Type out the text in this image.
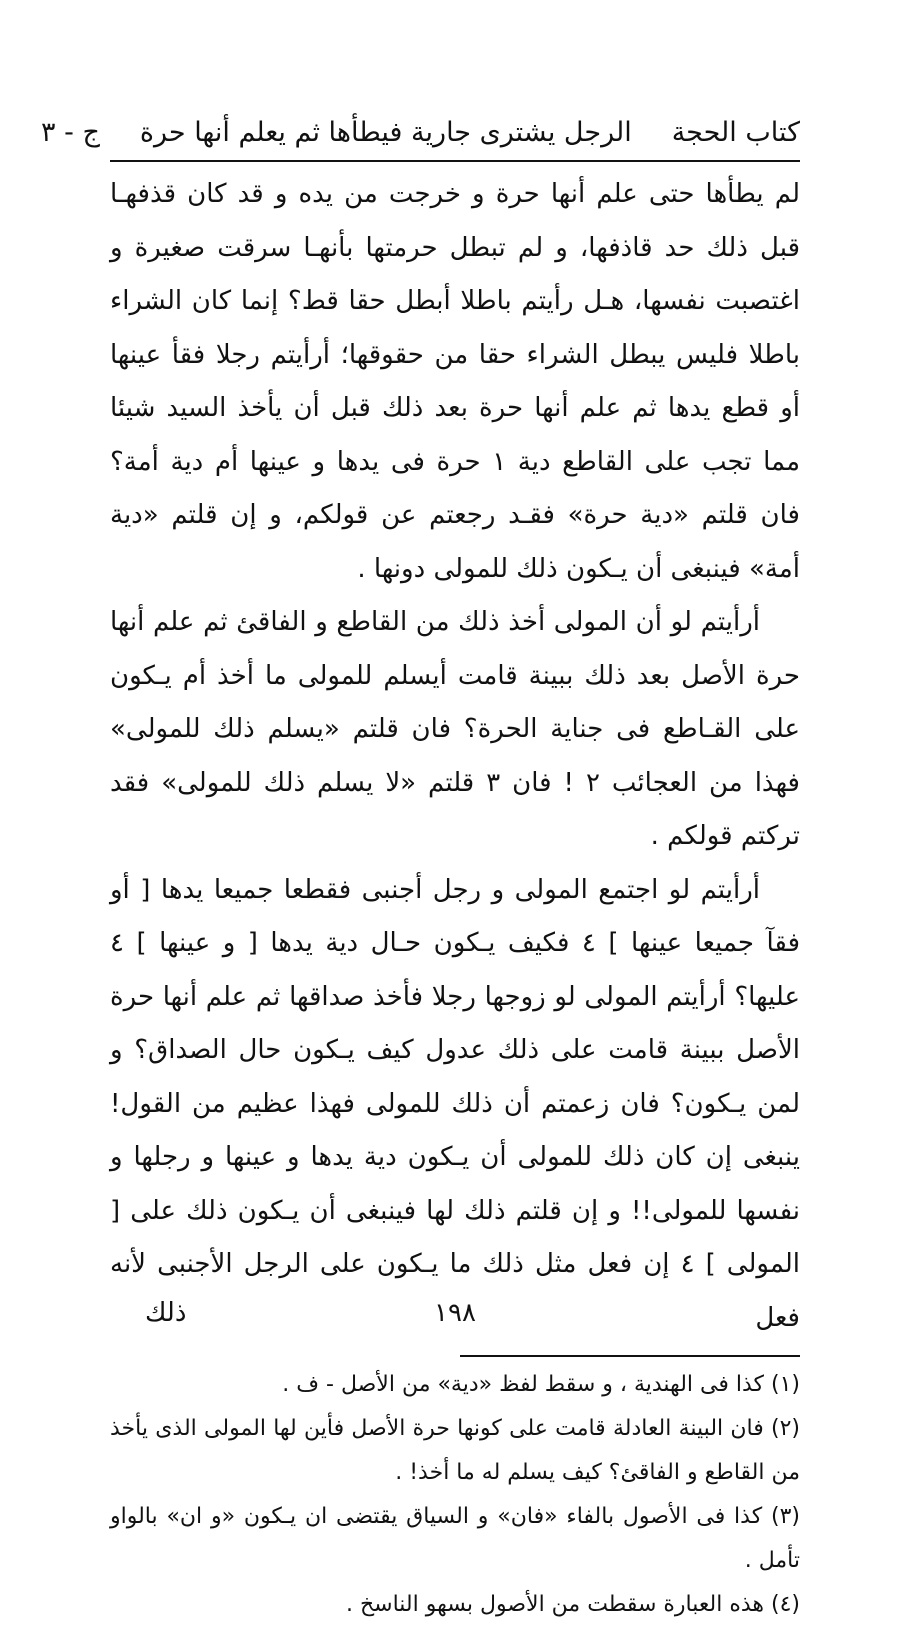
كتاب الحجة
الرجل يشترى جارية فيطأها ثم يعلم أنها حرة
ج - ٣

لم يطأها حتى علم أنها حرة و خرجت من يده و قد كان قذفهـا قبل ذلك حد قاذفها، و لم تبطل حرمتها بأنهـا سرقت صغيرة و اغتصبت نفسها، هـل رأيتم باطلا أبطل حقا قط؟ إنما كان الشراء باطلا فليس يبطل الشراء حقا من حقوقها؛ أرأيتم رجلا فقأ عينها أو قطع يدها ثم علم أنها حرة بعد ذلك قبل أن يأخذ السيد شيئا مما تجب على القاطع دية ١ حرة فى يدها و عينها أم دية أمة؟ فان قلتم «دية حرة» فقـد رجعتم عن قولكم، و إن قلتم «دية أمة» فينبغى أن يـكون ذلك للمولى دونها .

أرأيتم لو أن المولى أخذ ذلك من القاطع و الفاقئ ثم علم أنها حرة الأصل بعد ذلك ببينة قامت أيسلم للمولى ما أخذ أم يـكون على القـاطع فى جناية الحرة؟ فان قلتم «يسلم ذلك للمولى» فهذا من العجائب ٢ ! فان ٣ قلتم «لا يسلم ذلك للمولى» فقد تركتم قولكم .

أرأيتم لو اجتمع المولى و رجل أجنبى فقطعا جميعا يدها [ أو فقآ جميعا عينها ] ٤ فكيف يـكون حـال دية يدها [ و عينها ] ٤ عليها؟ أرأيتم المولى لو زوجها رجلا فأخذ صداقها ثم علم أنها حرة الأصل ببينة قامت على ذلك عدول كيف يـكون حال الصداق؟ و لمن يـكون؟ فان زعمتم أن ذلك للمولى فهذا عظيم من القول! ينبغى إن كان ذلك للمولى أن يـكون دية يدها و عينها و رجلها و نفسها للمولى!! و إن قلتم ذلك لها فينبغى أن يـكون ذلك على [ المولى ] ٤ إن فعل مثل ذلك ما يـكون على الرجل الأجنبى لأنه فعل

(١) كذا فى الهندية ، و سقط لفظ «دية» من الأصل - ف .

(٢) فان البينة العادلة قامت على كونها حرة الأصل فأين لها المولى الذى يأخذ من القاطع و الفاقئ؟ كيف يسلم له ما أخذ! .

(٣) كذا فى الأصول بالفاء «فان» و السياق يقتضى ان يـكون «و ان» بالواو تأمل .

(٤) هذه العبارة سقطت من الأصول بسهو الناسخ .

١٩٨
ذلك
